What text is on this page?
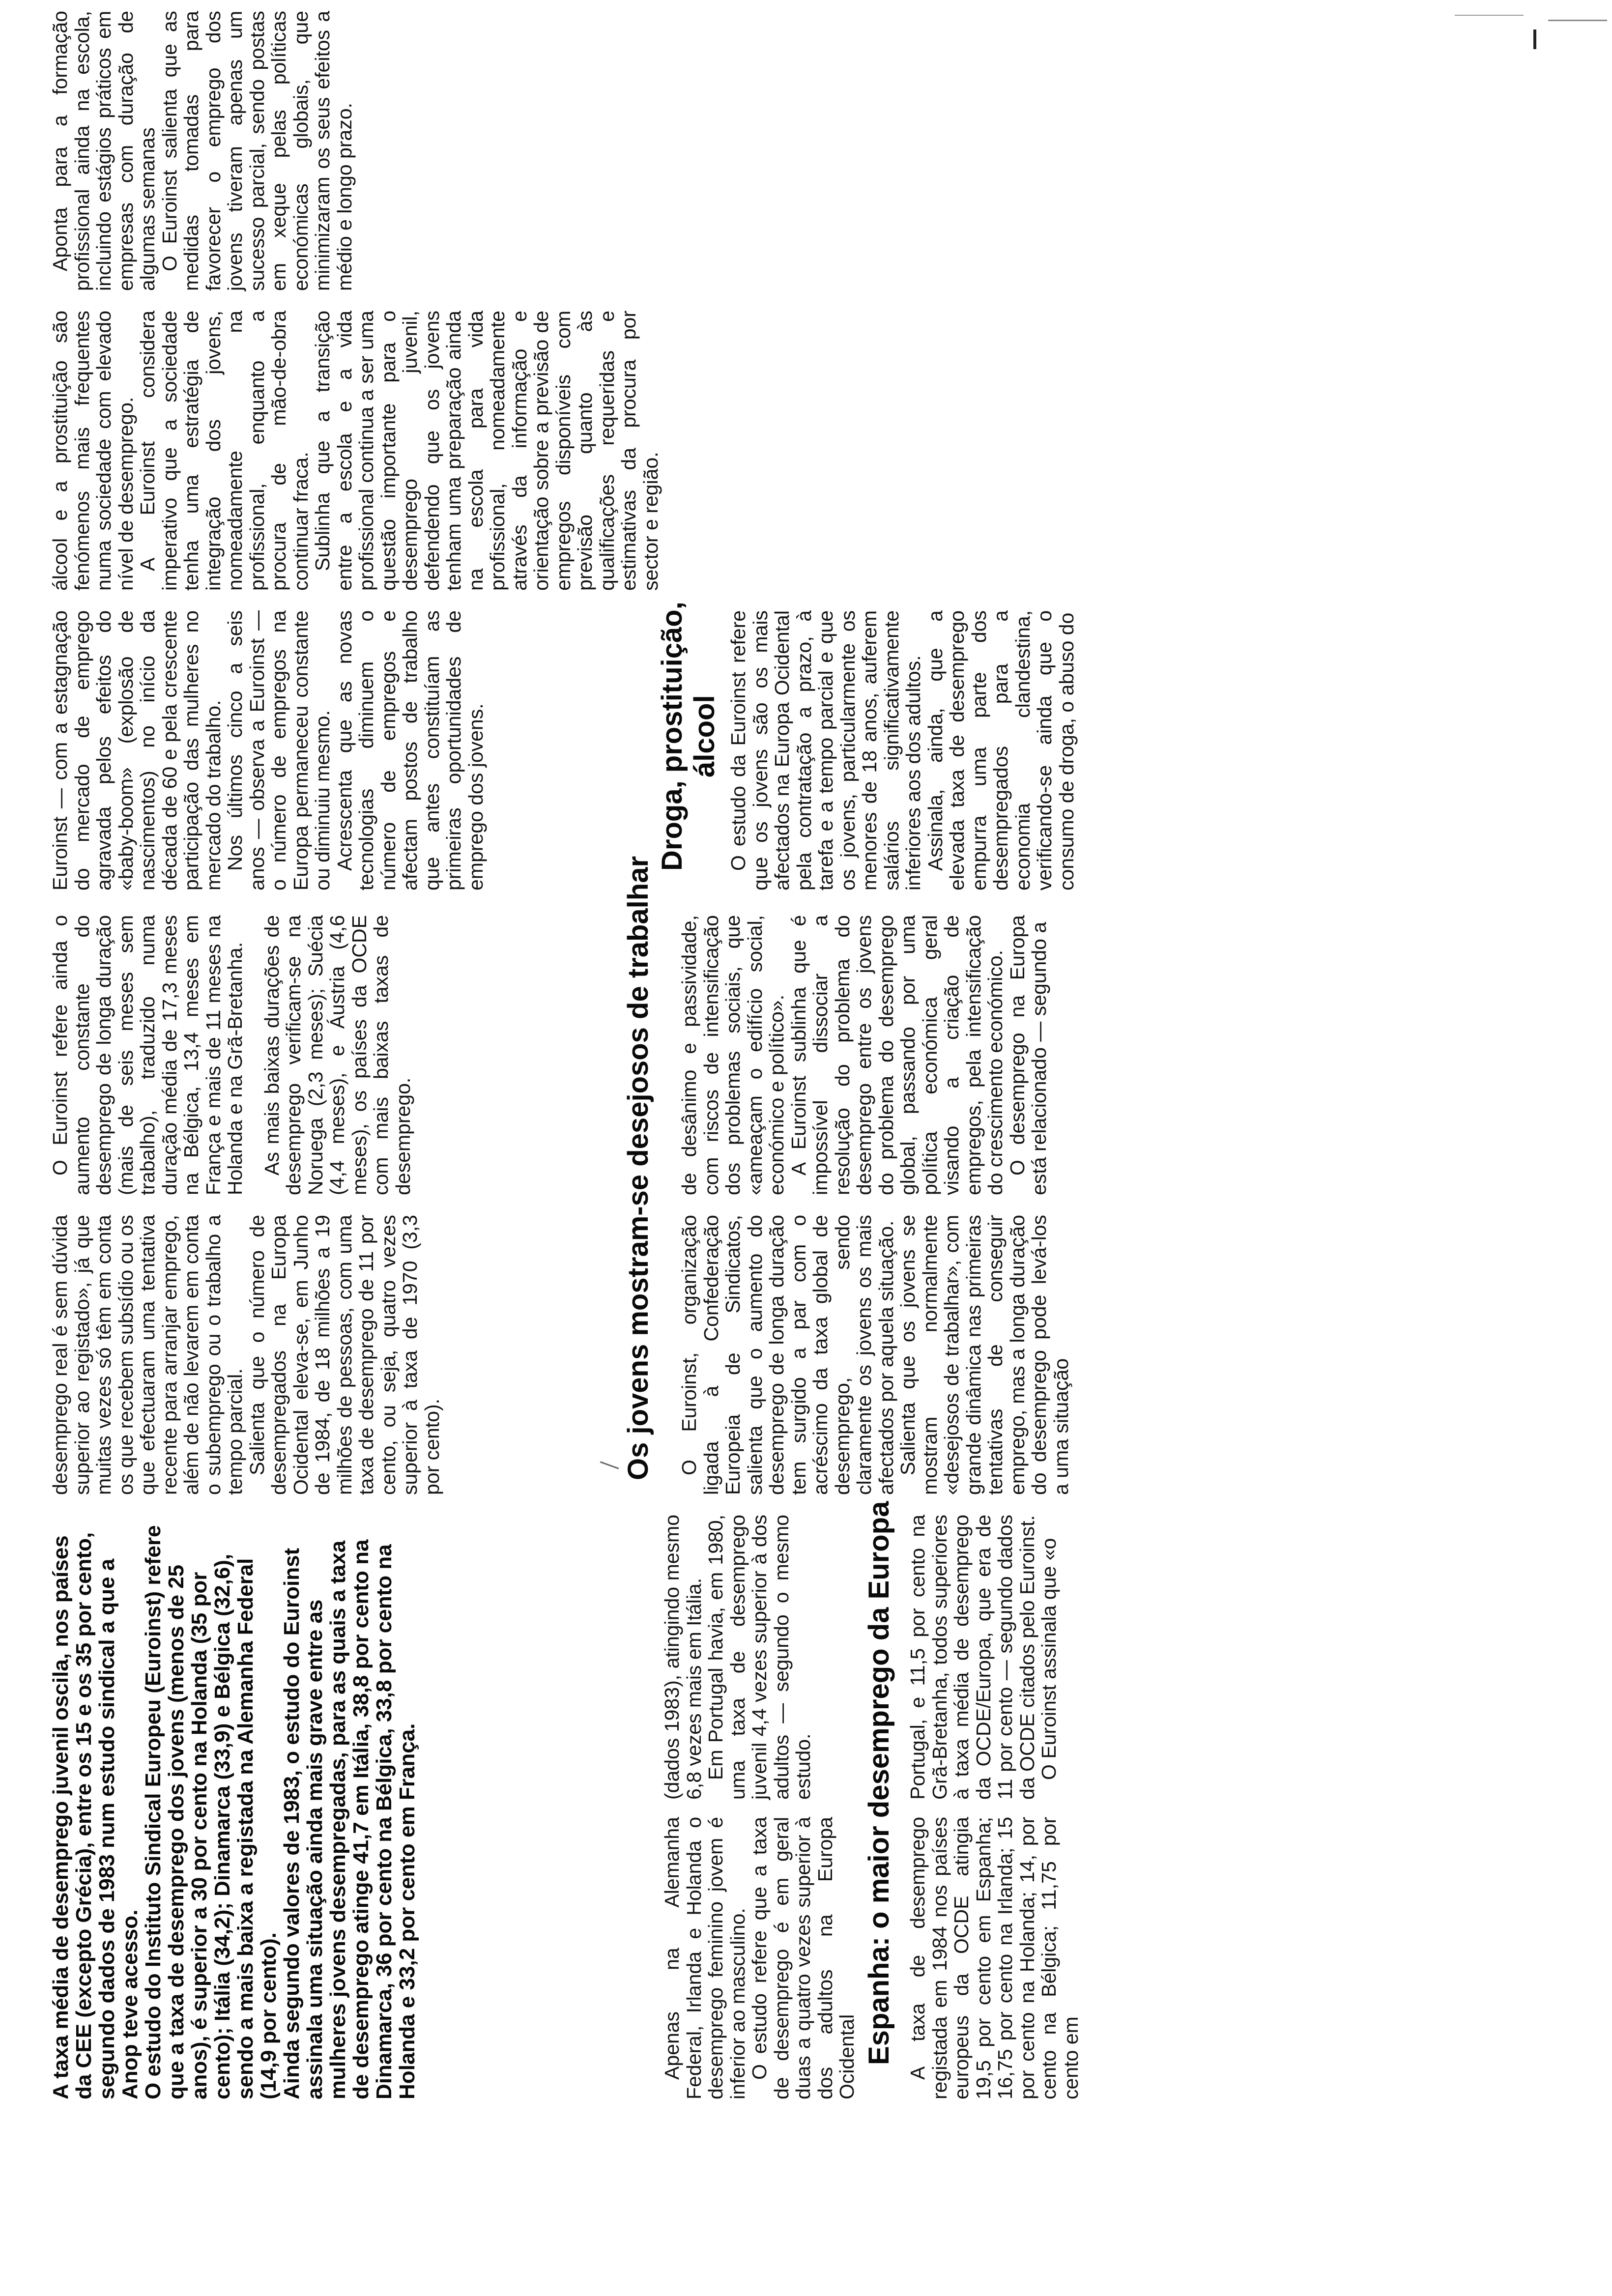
A taxa média de desemprego juvenil oscila, nos países da CEE (excepto Grécia), entre os 15 e os 35 por cento, segundo dados de 1983 num estudo sindical a que a Anop teve acesso.

O estudo do Instituto Sindical Europeu (Euroinst) refere que a taxa de desemprego dos jovens (menos de 25 anos), é superior a 30 por cento na Holanda (35 por cento); Itália (34,2); Dinamarca (33,9) e Bélgica (32,6), sendo a mais baixa a registada na Alemanha Federal (14,9 por cento).

Ainda segundo valores de 1983, o estudo do Euroinst assinala uma situação ainda mais grave entre as mulheres jovens desempregadas, para as quais a taxa de desemprego atinge 41,7 em Itália, 38,8 por cento na Dinamarca, 36 por cento na Bélgica, 33,8 por cento na Holanda e 33,2 por cento em França.	Apenas na Alemanha Federal, Irlanda e Holanda o desemprego feminino jovem é inferior ao masculino.

O estudo refere que a taxa de desemprego é em geral duas a quatro vezes superior à dos adultos na Europa Ocidental

(dados 1983), atingindo mesmo 6,8 vezes mais em Itália.

Em Portugal havia, em 1980, uma taxa de desemprego juvenil 4,4 vezes superior à dos adultos — segundo o mesmo estudo. Espanha: o maior desemprego da Europa A taxa de desemprego registada em 1984 nos países europeus da OCDE atingia 19,5 por cento em Espanha; 16,75 por cento na Irlanda; 15 por cento na Holanda; 14, por cento na Bélgica; 11,75 por cento em

Portugal, e 11,5 por cento na Grã-Bretanha, todos superiores à taxa média de desemprego da OCDE/Europa, que era de 11 por cento — segundo dados da OCDE citados pelo Euroinst.

O Euroinst assinala que «o

desemprego real é sem dúvida superior ao registado», já que muitas vezes só têm em conta os que recebem subsídio ou os que efectuaram uma tentativa recente para arranjar emprego, além de não levarem em conta o subemprego ou o trabalho a tempo parcial.

Salienta que o número de desempregados na Europa Ocidental eleva-se, em Junho de 1984, de 18 milhões a 19 milhões de pessoas, com uma taxa de desemprego de 11 por cento, ou seja, quatro vezes superior à taxa de 1970 (3,3 por cento).

O Euroinst refere ainda o aumento constante do desemprego de longa duração (mais de seis meses sem trabalho), traduzido numa duração média de 17,3 meses na Bélgica, 13,4 meses em França e mais de 11 meses na Holanda e na Grã-Bretanha. As mais baixas durações de desemprego verificam-se na Noruega (2,3 meses); Suécia (4,4 meses), e Áustria (4,6 meses), os países da OCDE com mais baixas taxas de desemprego.	Os jovens mostram-se desejosos de trabalhar O Euroinst, organização ligada à Confederação Europeia de Sindicatos, salienta que o aumento do desemprego de longa duração tem surgido a par com o acréscimo da taxa global de desemprego, sendo claramente os jovens os mais afectados por aquela situação.

Salienta que os jovens se mostram normalmente «desejosos de trabalhar», com grande dinâmica nas primeiras tentativas de conseguir emprego, mas a longa duração do desemprego pode levá-los a uma situação

de desânimo e passividade, com riscos de intensificação dos problemas sociais, que «ameaçam o edifício social, económico e político».

A Euroinst sublinha que é impossível dissociar a resolução do problema do desemprego entre os jovens do problema do desemprego global, passando por uma política económica geral visando a criação de empregos, pela intensificação do crescimento económico.

O desemprego na Europa está relacionado — segundo a

Euroinst — com a estagnação do mercado de emprego agravada pelos efeitos do «baby-boom» (explosão de nascimentos) no início da década de 60 e pela crescente participação das mulheres no mercado do trabalho.

Nos últimos cinco a seis anos — observa a Euroinst — o número de empregos na Europa permaneceu constante ou diminuiu mesmo.

Acrescenta que as novas tecnologias diminuem o número de empregos e afectam postos de trabalho que antes constituíam as primeiras oportunidades de emprego dos jovens.	Droga, prostituição, álcool O estudo da Euroinst refere que os jovens são os mais afectados na Europa Ocidental pela contratação a prazo, à tarefa e a tempo parcial e que os jovens, particularmente os menores de 18 anos, auferem salários significativamente inferiores aos dos adultos.

Assinala, ainda, que a elevada taxa de desemprego empurra uma parte dos desempregados para a economia clandestina, verificando-se ainda que o consumo de droga, o abuso do

álcool e a prostituição são fenómenos mais frequentes numa sociedade com elevado nível de desemprego.

A Euroinst considera imperativo que a sociedade tenha uma estratégia de integração dos jovens, nomeadamente na profissional, enquanto a procura de mão-de-obra continuar fraca.

Sublinha que a transição entre a escola e a vida profissional continua a ser uma questão importante para o desemprego juvenil, defendendo que os jovens tenham uma preparação ainda na escola para vida profissional, nomeadamente através da informação e orientação sobre a previsão de empregos disponíveis com previsão quanto às qualificações requeridas e estimativas da procura por sector e região.

Aponta para a formação profissional ainda na escola, incluindo estágios práticos em empresas com duração de algumas semanas

O Euroinst salienta que as medidas tomadas para favorecer o emprego dos jovens tiveram apenas um sucesso parcial, sendo postas em xeque pelas políticas económicas globais, que minimizaram os seus efeitos a médio e longo prazo.
